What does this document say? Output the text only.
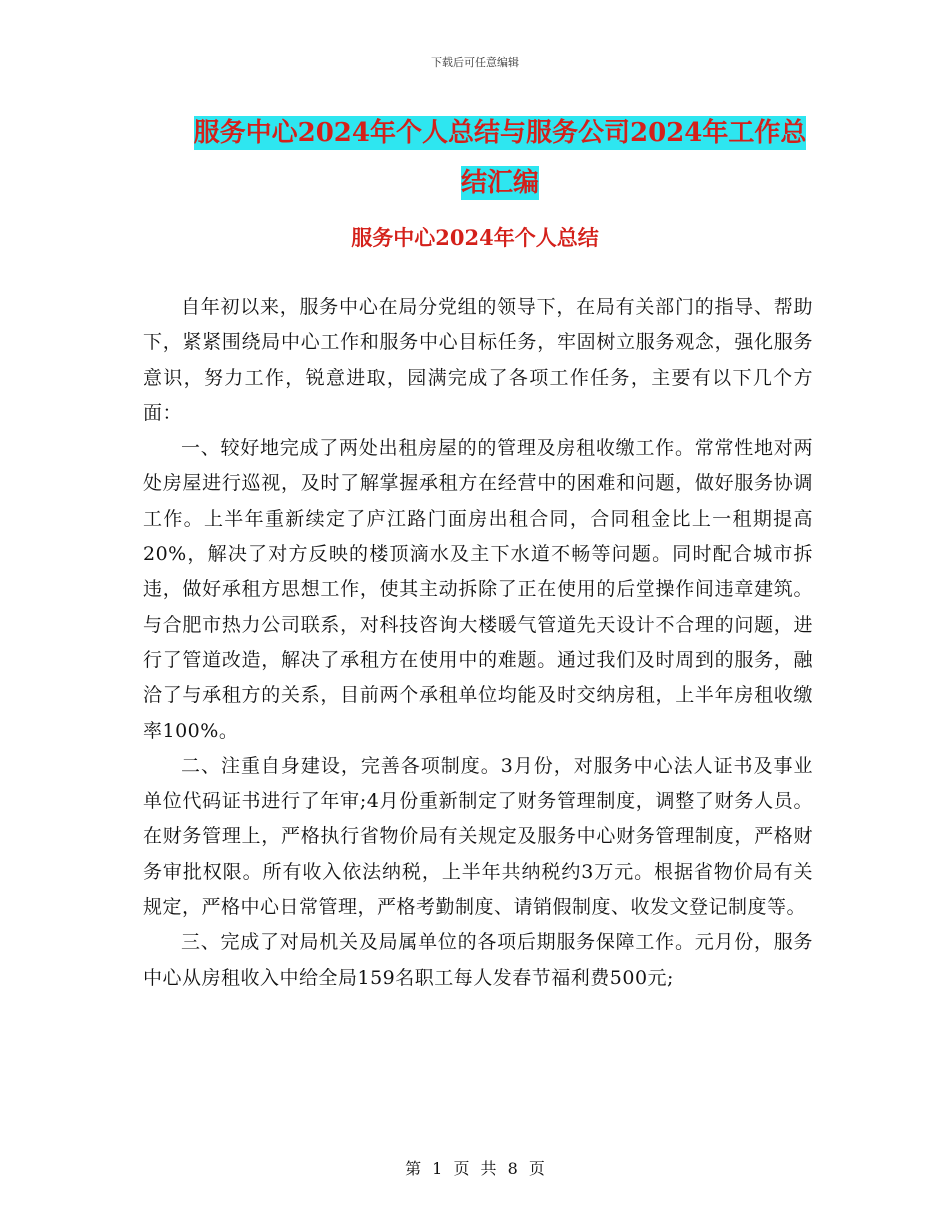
下载后可任意编辑
服务中心2024年个人总结与服务公司2024年工作总
结汇编
服务中心2024年个人总结

自年初以来，服务中心在局分党组的领导下，在局有关部门的指导、帮助下，紧紧围绕局中心工作和服务中心目标任务，牢固树立服务观念，强化服务意识，努力工作，锐意进取，园满完成了各项工作任务，主要有以下几个方面：

一、较好地完成了两处出租房屋的的管理及房租收缴工作。常常性地对两处房屋进行巡视，及时了解掌握承租方在经营中的困难和问题，做好服务协调工作。上半年重新续定了庐江路门面房出租合同，合同租金比上一租期提高20%，解决了对方反映的楼顶滴水及主下水道不畅等问题。同时配合城市拆违，做好承租方思想工作，使其主动拆除了正在使用的后堂操作间违章建筑。与合肥市热力公司联系，对科技咨询大楼暖气管道先天设计不合理的问题，进行了管道改造，解决了承租方在使用中的难题。通过我们及时周到的服务，融洽了与承租方的关系，目前两个承租单位均能及时交纳房租，上半年房租收缴率100%。

二、注重自身建设，完善各项制度。3月份，对服务中心法人证书及事业单位代码证书进行了年审;4月份重新制定了财务管理制度，调整了财务人员。在财务管理上，严格执行省物价局有关规定及服务中心财务管理制度，严格财务审批权限。所有收入依法纳税，上半年共纳税约3万元。根据省物价局有关规定，严格中心日常管理，严格考勤制度、请销假制度、收发文登记制度等。

三、完成了对局机关及局属单位的各项后期服务保障工作。元月份，服务中心从房租收入中给全局159名职工每人发春节福利费500元;

第 1 页 共 8 页
